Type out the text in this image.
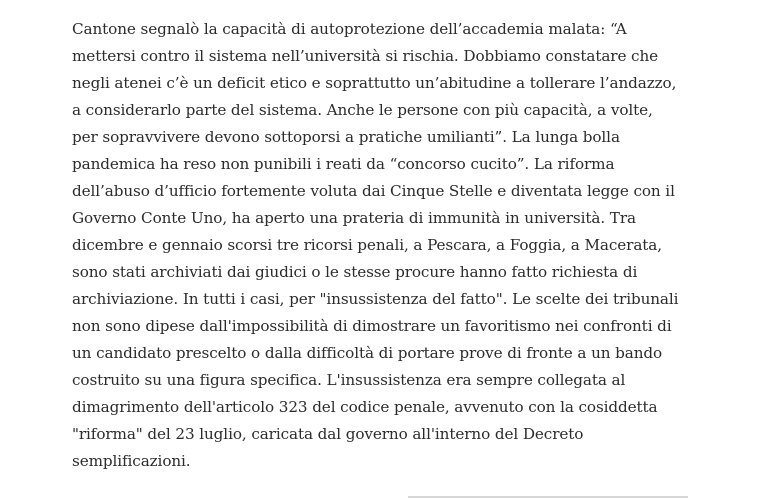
Cantone segnalò la capacità di autoprotezione dell’accademia malata: “A
mettersi contro il sistema nell’università si rischia. Dobbiamo constatare che
negli atenei c’è un deficit etico e soprattutto un’abitudine a tollerare l’andazzo,
a considerarlo parte del sistema. Anche le persone con più capacità, a volte,
per sopravvivere devono sottoporsi a pratiche umilianti”. La lunga bolla
pandemica ha reso non punibili i reati da “concorso cucito”. La riforma
dell’abuso d’ufficio fortemente voluta dai Cinque Stelle e diventata legge con il
Governo Conte Uno, ha aperto una prateria di immunità in università. Tra
dicembre e gennaio scorsi tre ricorsi penali, a Pescara, a Foggia, a Macerata,
sono stati archiviati dai giudici o le stesse procure hanno fatto richiesta di
archiviazione. In tutti i casi, per "insussistenza del fatto". Le scelte dei tribunali
non sono dipese dall'impossibilità di dimostrare un favoritismo nei confronti di
un candidato prescelto o dalla difficoltà di portare prove di fronte a un bando
costruito su una figura specifica. L'insussistenza era sempre collegata al
dimagrimento dell'articolo 323 del codice penale, avvenuto con la cosiddetta
"riforma" del 23 luglio, caricata dal governo all'interno del Decreto
semplificazioni.
